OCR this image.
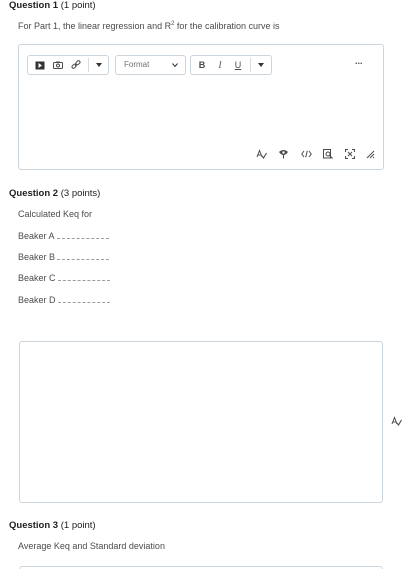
Question 1 (1 point)
For Part 1, the linear regression and $R^2$ for the calibration curve is
Format	B	I	U	...
Question 2 (3 points)
Calculated Keq for
Beaker A
Beaker B
Beaker C
Beaker D
Question 3 (1 point)
Average Keq and Standard deviation
